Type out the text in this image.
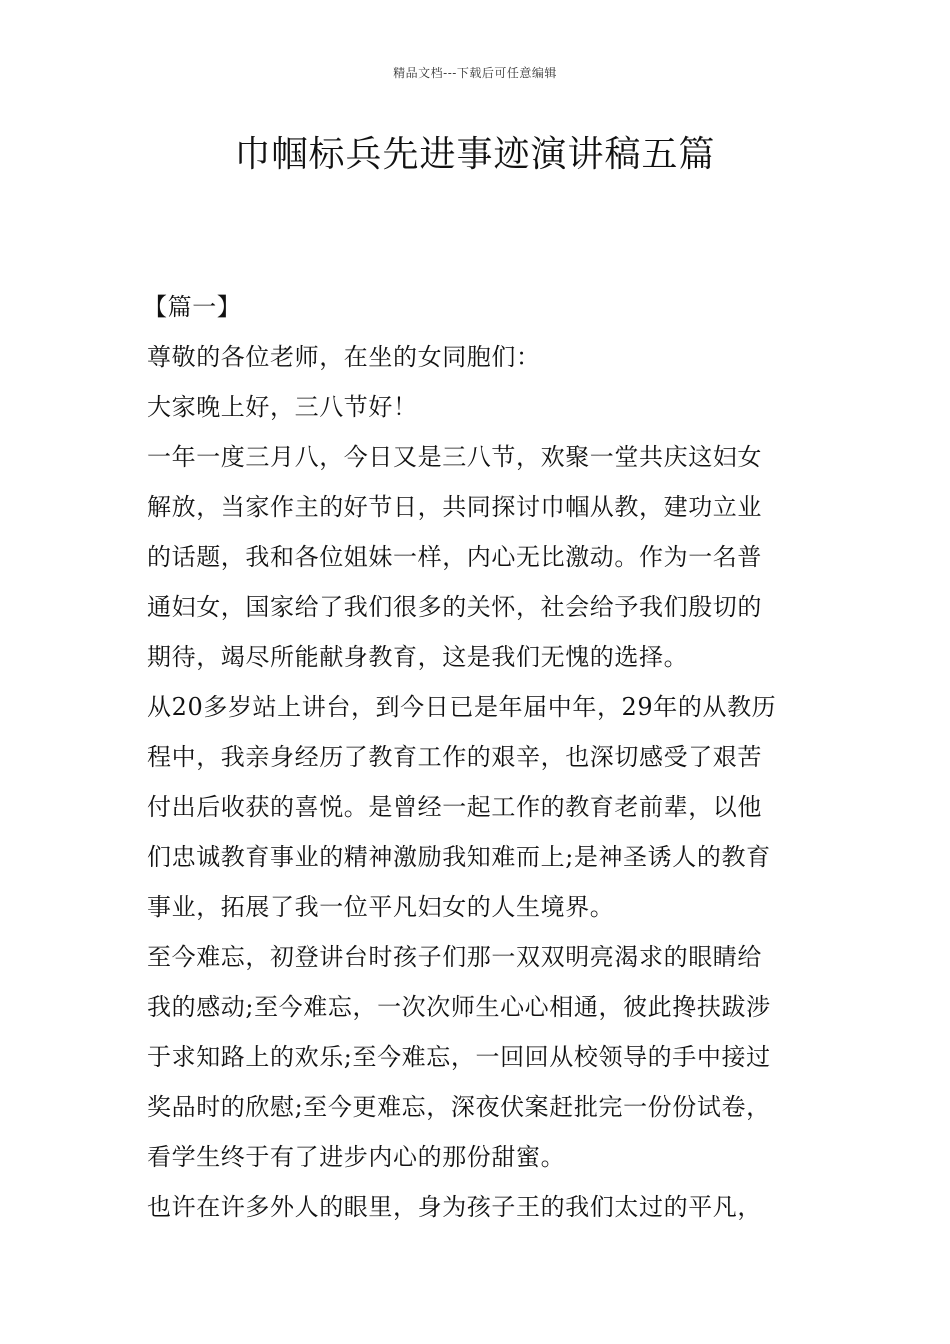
精品文档---下载后可任意编辑
巾帼标兵先进事迹演讲稿五篇
【篇一】
尊敬的各位老师，在坐的女同胞们：
大家晚上好，三八节好！
一年一度三月八，今日又是三八节，欢聚一堂共庆这妇女
解放，当家作主的好节日，共同探讨巾帼从教，建功立业
的话题，我和各位姐妹一样，内心无比激动。作为一名普
通妇女，国家给了我们很多的关怀，社会给予我们殷切的
期待，竭尽所能献身教育，这是我们无愧的选择。
从20多岁站上讲台，到今日已是年届中年，29年的从教历
程中，我亲身经历了教育工作的艰辛，也深切感受了艰苦
付出后收获的喜悦。是曾经一起工作的教育老前辈，以他
们忠诚教育事业的精神激励我知难而上;是神圣诱人的教育
事业，拓展了我一位平凡妇女的人生境界。
至今难忘，初登讲台时孩子们那一双双明亮渴求的眼睛给
我的感动;至今难忘，一次次师生心心相通，彼此搀扶跋涉
于求知路上的欢乐;至今难忘，一回回从校领导的手中接过
奖品时的欣慰;至今更难忘，深夜伏案赶批完一份份试卷，
看学生终于有了进步内心的那份甜蜜。
也许在许多外人的眼里，身为孩子王的我们太过的平凡，
